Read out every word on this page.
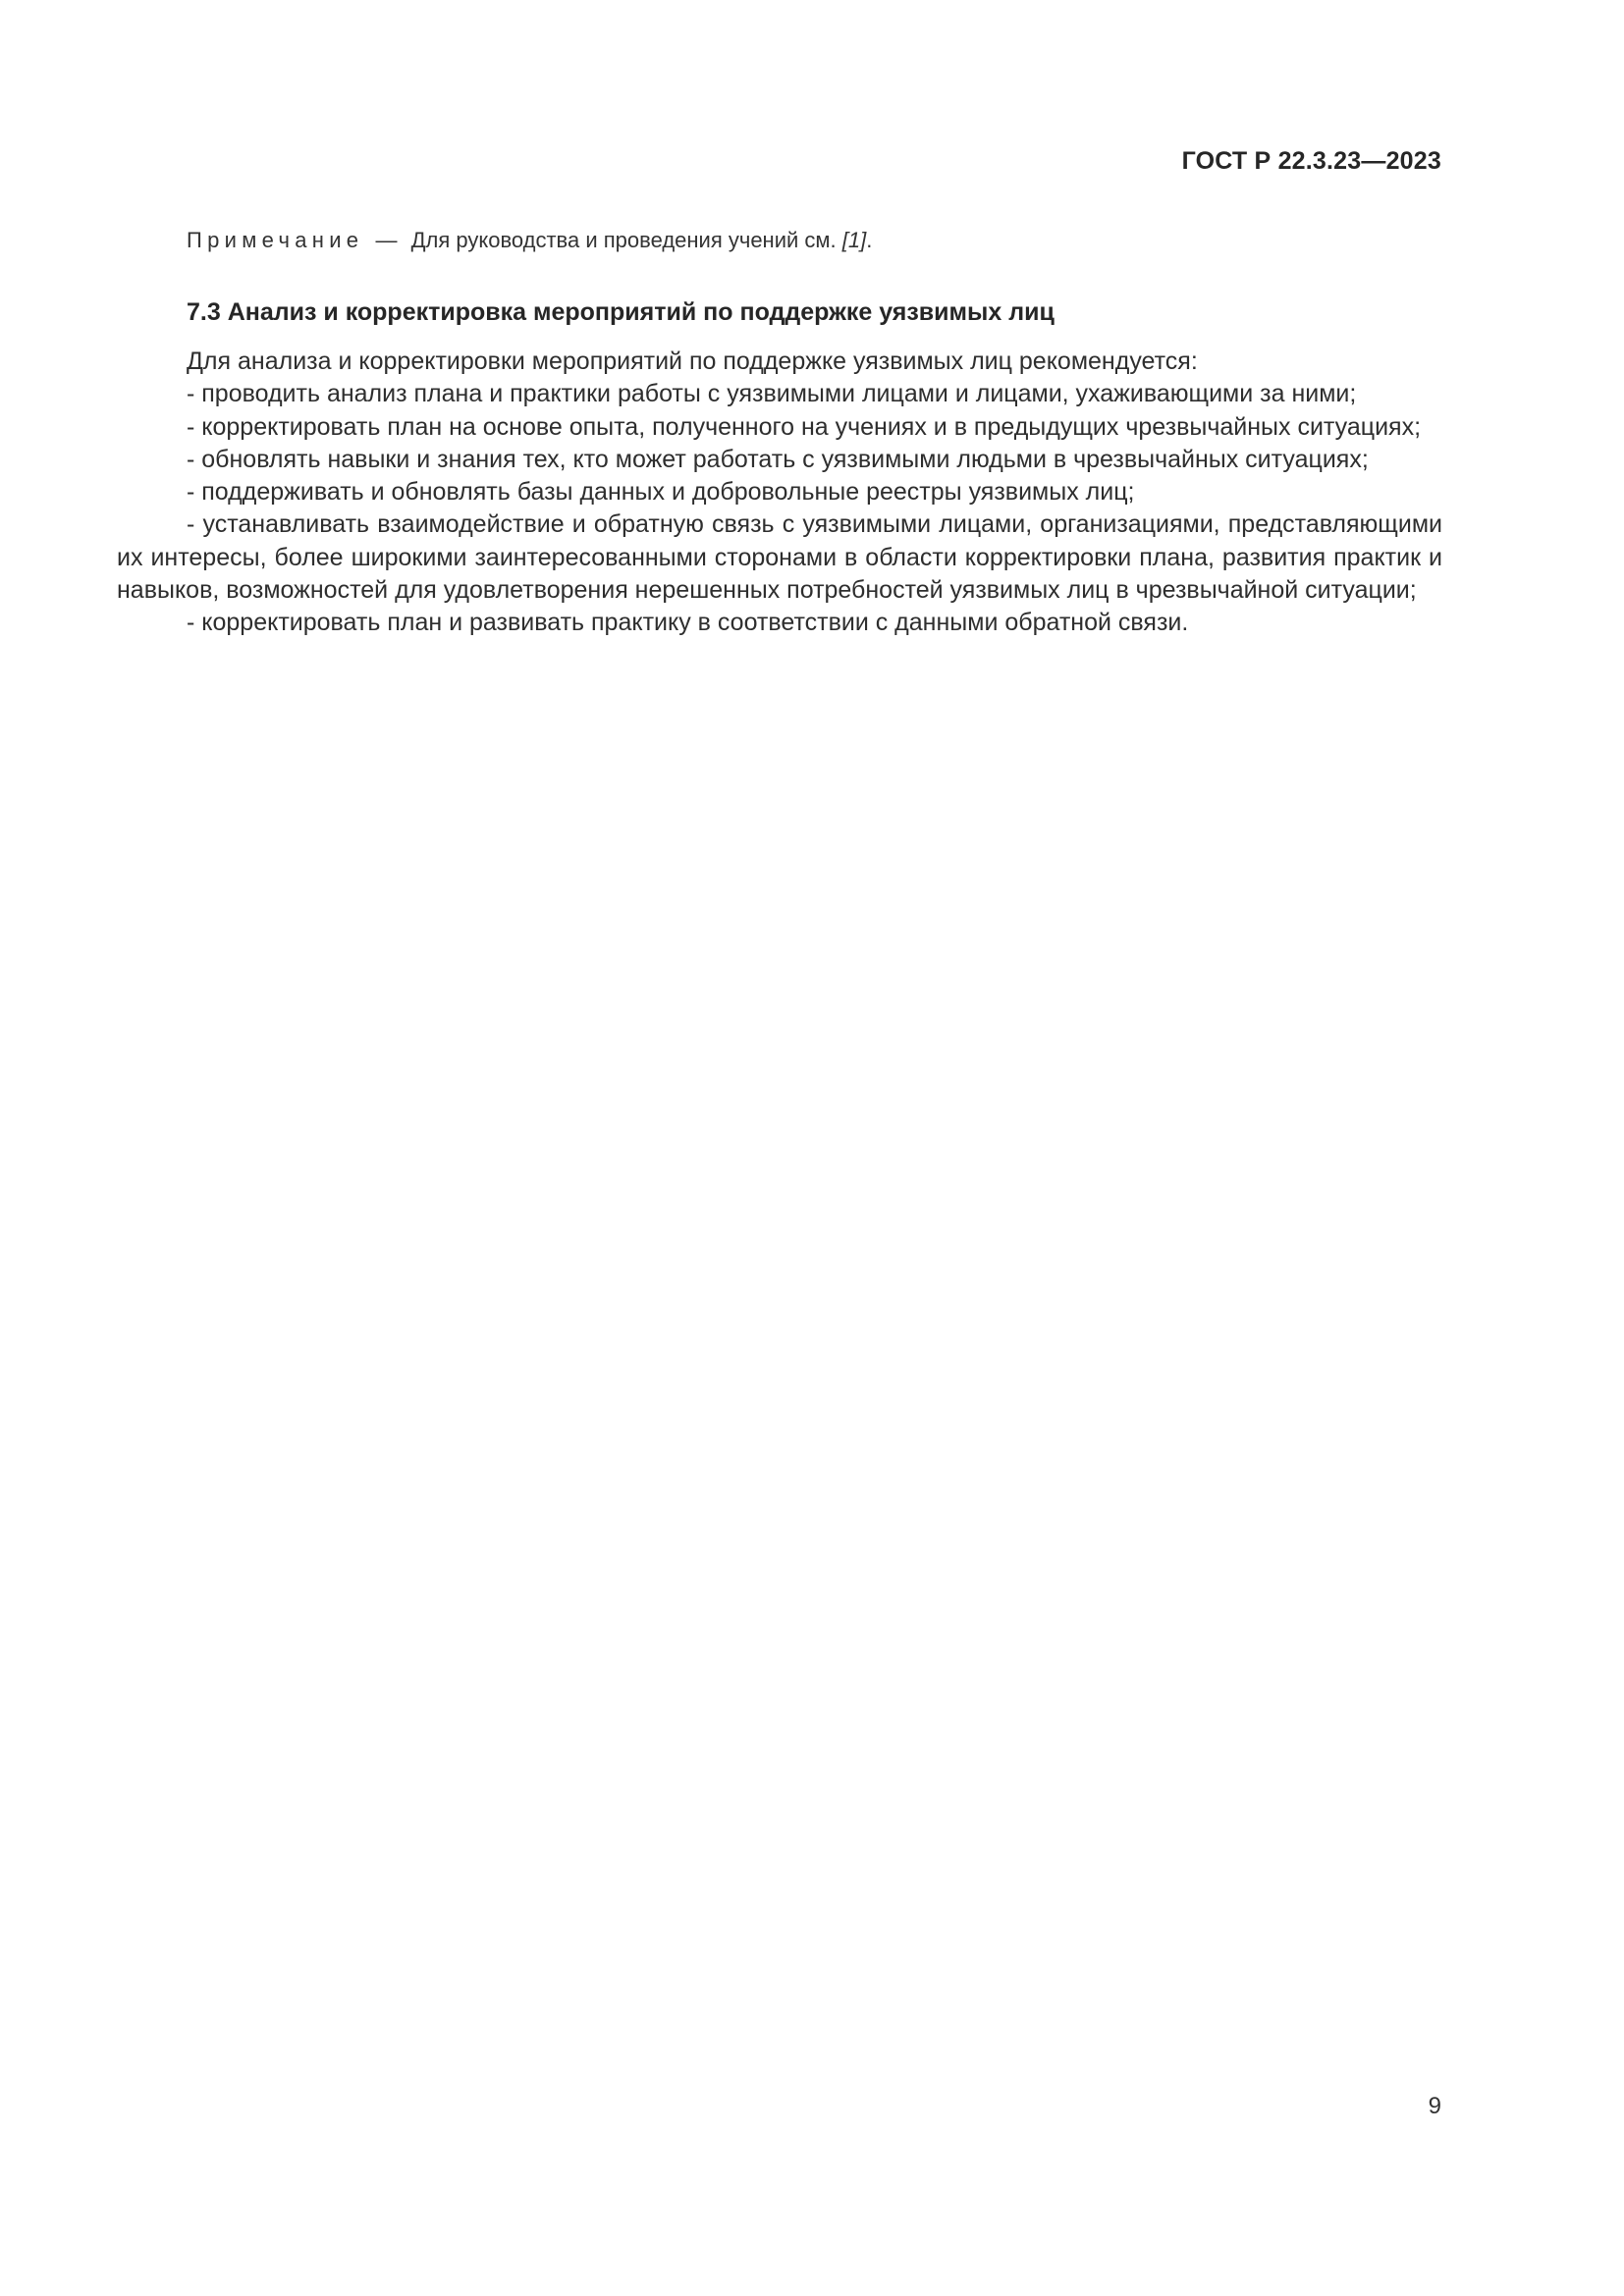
ГОСТ Р 22.3.23—2023
Примечание — Для руководства и проведения учений см. [1].
7.3 Анализ и корректировка мероприятий по поддержке уязвимых лиц

Для анализа и корректировки мероприятий по поддержке уязвимых лиц рекомендуется:

- проводить анализ плана и практики работы с уязвимыми лицами и лицами, ухаживающими за ними;

- корректировать план на основе опыта, полученного на учениях и в предыдущих чрезвычайных ситуациях;

- обновлять навыки и знания тех, кто может работать с уязвимыми людьми в чрезвычайных ситуациях;

- поддерживать и обновлять базы данных и добровольные реестры уязвимых лиц;

- устанавливать взаимодействие и обратную связь с уязвимыми лицами, организациями, представляющими их интересы, более широкими заинтересованными сторонами в области корректировки плана, развития практик и навыков, возможностей для удовлетворения нерешенных потребностей уязвимых лиц в чрезвычайной ситуации;

- корректировать план и развивать практику в соответствии с данными обратной связи.

9
